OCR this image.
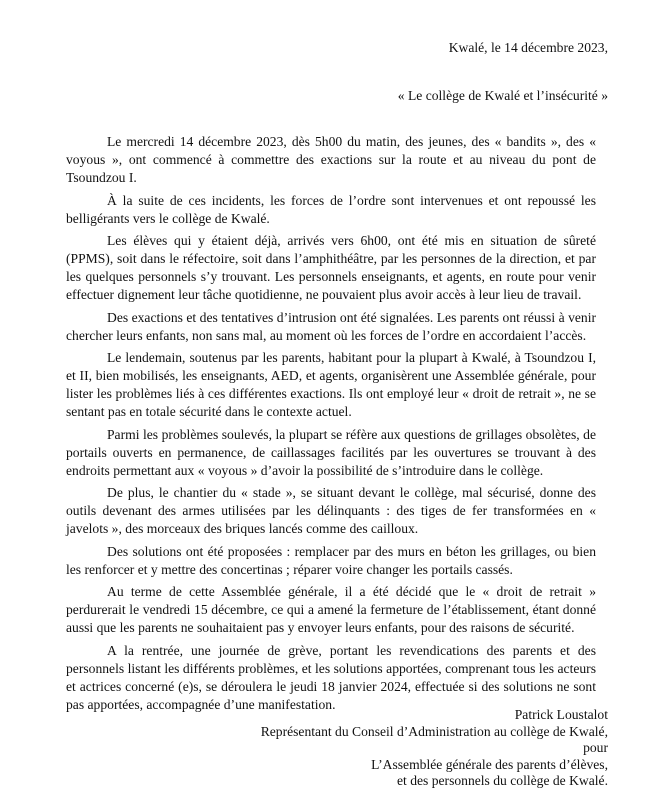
Kwalé, le 14 décembre 2023,
« Le collège de Kwalé et l’insécurité »

Le mercredi 14 décembre 2023, dès 5h00 du matin, des jeunes, des « bandits », des « voyous », ont commencé à commettre des exactions sur la route et au niveau du pont de Tsoundzou I.

À la suite de ces incidents, les forces de l’ordre sont intervenues et ont repoussé les belligérants vers le collège de Kwalé.

Les élèves qui y étaient déjà, arrivés vers 6h00, ont été mis en situation de sûreté (PPMS), soit dans le réfectoire, soit dans l’amphithéâtre, par les personnes de la direction, et par les quelques personnels s’y trouvant. Les personnels enseignants, et agents, en route pour venir effectuer dignement leur tâche quotidienne, ne pouvaient plus avoir accès à leur lieu de travail.

Des exactions et des tentatives d’intrusion ont été signalées. Les parents ont réussi à venir chercher leurs enfants, non sans mal, au moment où les forces de l’ordre en accordaient l’accès.

Le lendemain, soutenus par les parents, habitant pour la plupart à Kwalé, à Tsoundzou I, et II, bien mobilisés, les enseignants, AED, et agents, organisèrent une Assemblée générale, pour lister les problèmes liés à ces différentes exactions. Ils ont employé leur « droit de retrait », ne se sentant pas en totale sécurité dans le contexte actuel.

Parmi les problèmes soulevés, la plupart se réfère aux questions de grillages obsolètes, de portails ouverts en permanence, de caillassages facilités par les ouvertures se trouvant à des endroits permettant aux « voyous » d’avoir la possibilité de s’introduire dans le collège.

De plus, le chantier du « stade », se situant devant le collège, mal sécurisé, donne des outils devenant des armes utilisées par les délinquants : des tiges de fer transformées en « javelots », des morceaux des briques lancés comme des cailloux.

Des solutions ont été proposées : remplacer par des murs en béton les grillages, ou bien les renforcer et y mettre des concertinas ; réparer voire changer les portails cassés.

Au terme de cette Assemblée générale, il a été décidé que le « droit de retrait » perdurerait le vendredi 15 décembre, ce qui a amené la fermeture de l’établissement, étant donné aussi que les parents ne souhaitaient pas y envoyer leurs enfants, pour des raisons de sécurité.

A la rentrée, une journée de grève, portant les revendications des parents et des personnels listant les différents problèmes, et les solutions apportées, comprenant tous les acteurs et actrices concerné (e)s, se déroulera le jeudi 18 janvier 2024, effectuée si des solutions ne sont pas apportées, accompagnée d’une manifestation.

Patrick Loustalot
Représentant du Conseil d’Administration au collège de Kwalé,
pour
L’Assemblée générale des parents d’élèves,
et des personnels du collège de Kwalé.
